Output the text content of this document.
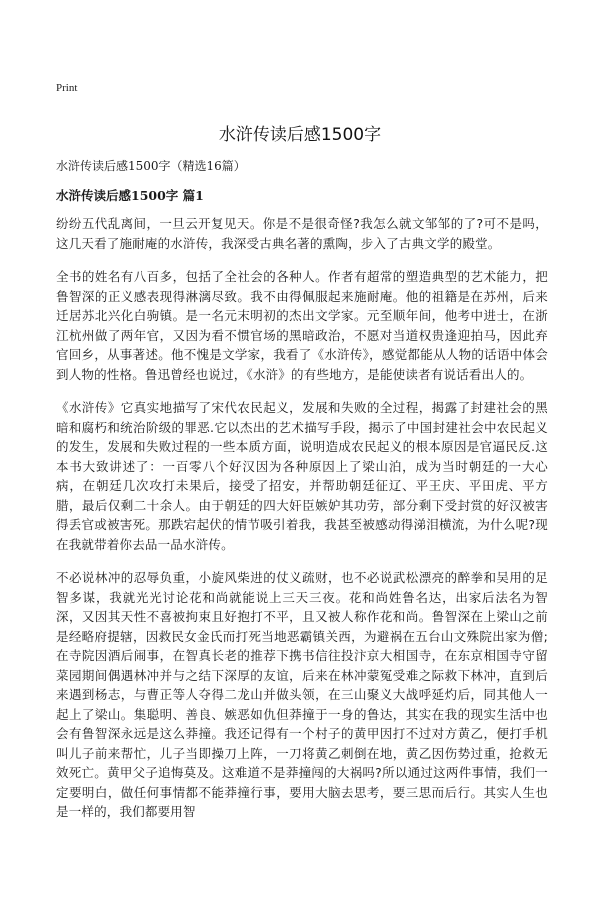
Print
水浒传读后感1500字
水浒传读后感1500字（精选16篇）
水浒传读后感1500字 篇1

纷纷五代乱离间，一旦云开复见天。你是不是很奇怪?我怎么就文邹邹的了?可不是吗，这几天看了施耐庵的水浒传，我深受古典名著的熏陶，步入了古典文学的殿堂。

全书的姓名有八百多，包括了全社会的各种人。作者有超常的塑造典型的艺术能力，把鲁智深的正义感表现得淋漓尽致。我不由得佩服起来施耐庵。他的祖籍是在苏州，后来迁居苏北兴化白驹镇。是一名元末明初的杰出文学家。元至顺年间，他考中进士，在浙江杭州做了两年官，又因为看不惯官场的黑暗政治，不愿对当道权贵逢迎拍马，因此弃官回乡，从事著述。他不愧是文学家，我看了《水浒传》，感觉都能从人物的话语中体会到人物的性格。鲁迅曾经也说过，《水浒》的有些地方，是能使读者有说话看出人的。

《水浒传》它真实地描写了宋代农民起义，发展和失败的全过程，揭露了封建社会的黑暗和腐朽和统治阶级的罪恶.它以杰出的艺术描写手段，揭示了中国封建社会中农民起义的发生，发展和失败过程的一些本质方面，说明造成农民起义的根本原因是官逼民反.这本书大致讲述了：一百零八个好汉因为各种原因上了梁山泊，成为当时朝廷的一大心病，在朝廷几次攻打未果后，接受了招安，并帮助朝廷征辽、平王庆、平田虎、平方腊，最后仅剩二十余人。由于朝廷的四大奸臣嫉妒其功劳，部分剩下受封赏的好汉被害得丢官或被害死。那跌宕起伏的情节吸引着我，我甚至被感动得涕泪横流，为什么呢?现在我就带着你去品一品水浒传。

不必说林冲的忍辱负重，小旋风柴进的仗义疏财，也不必说武松漂亮的醉拳和吴用的足智多谋，我就光光讨论花和尚就能说上三天三夜。花和尚姓鲁名达，出家后法名为智深，又因其天性不喜被拘束且好抱打不平，且又被人称作花和尚。鲁智深在上梁山之前是经略府提辖，因救民女金氏而打死当地恶霸镇关西，为避祸在五台山文殊院出家为僧;在寺院因酒后闹事，在智真长老的推荐下携书信往投汴京大相国寺，在东京相国寺守留菜园期间偶遇林冲并与之结下深厚的友谊，后来在林冲蒙冤受难之际救下林冲，直到后来遇到杨志，与曹正等人夺得二龙山并做头领，在三山聚义大战呼延灼后，同其他人一起上了梁山。集聪明、善良、嫉恶如仇但莽撞于一身的鲁达，其实在我的现实生活中也会有鲁智深永远是这么莽撞。我还记得有一个村子的黄甲因打不过对方黄乙，便打手机叫儿子前来帮忙，儿子当即操刀上阵，一刀将黄乙刺倒在地，黄乙因伤势过重，抢救无效死亡。黄甲父子追悔莫及。这难道不是莽撞闯的大祸吗?所以通过这两件事情，我们一定要明白，做任何事情都不能莽撞行事，要用大脑去思考，要三思而后行。其实人生也是一样的，我们都要用智
